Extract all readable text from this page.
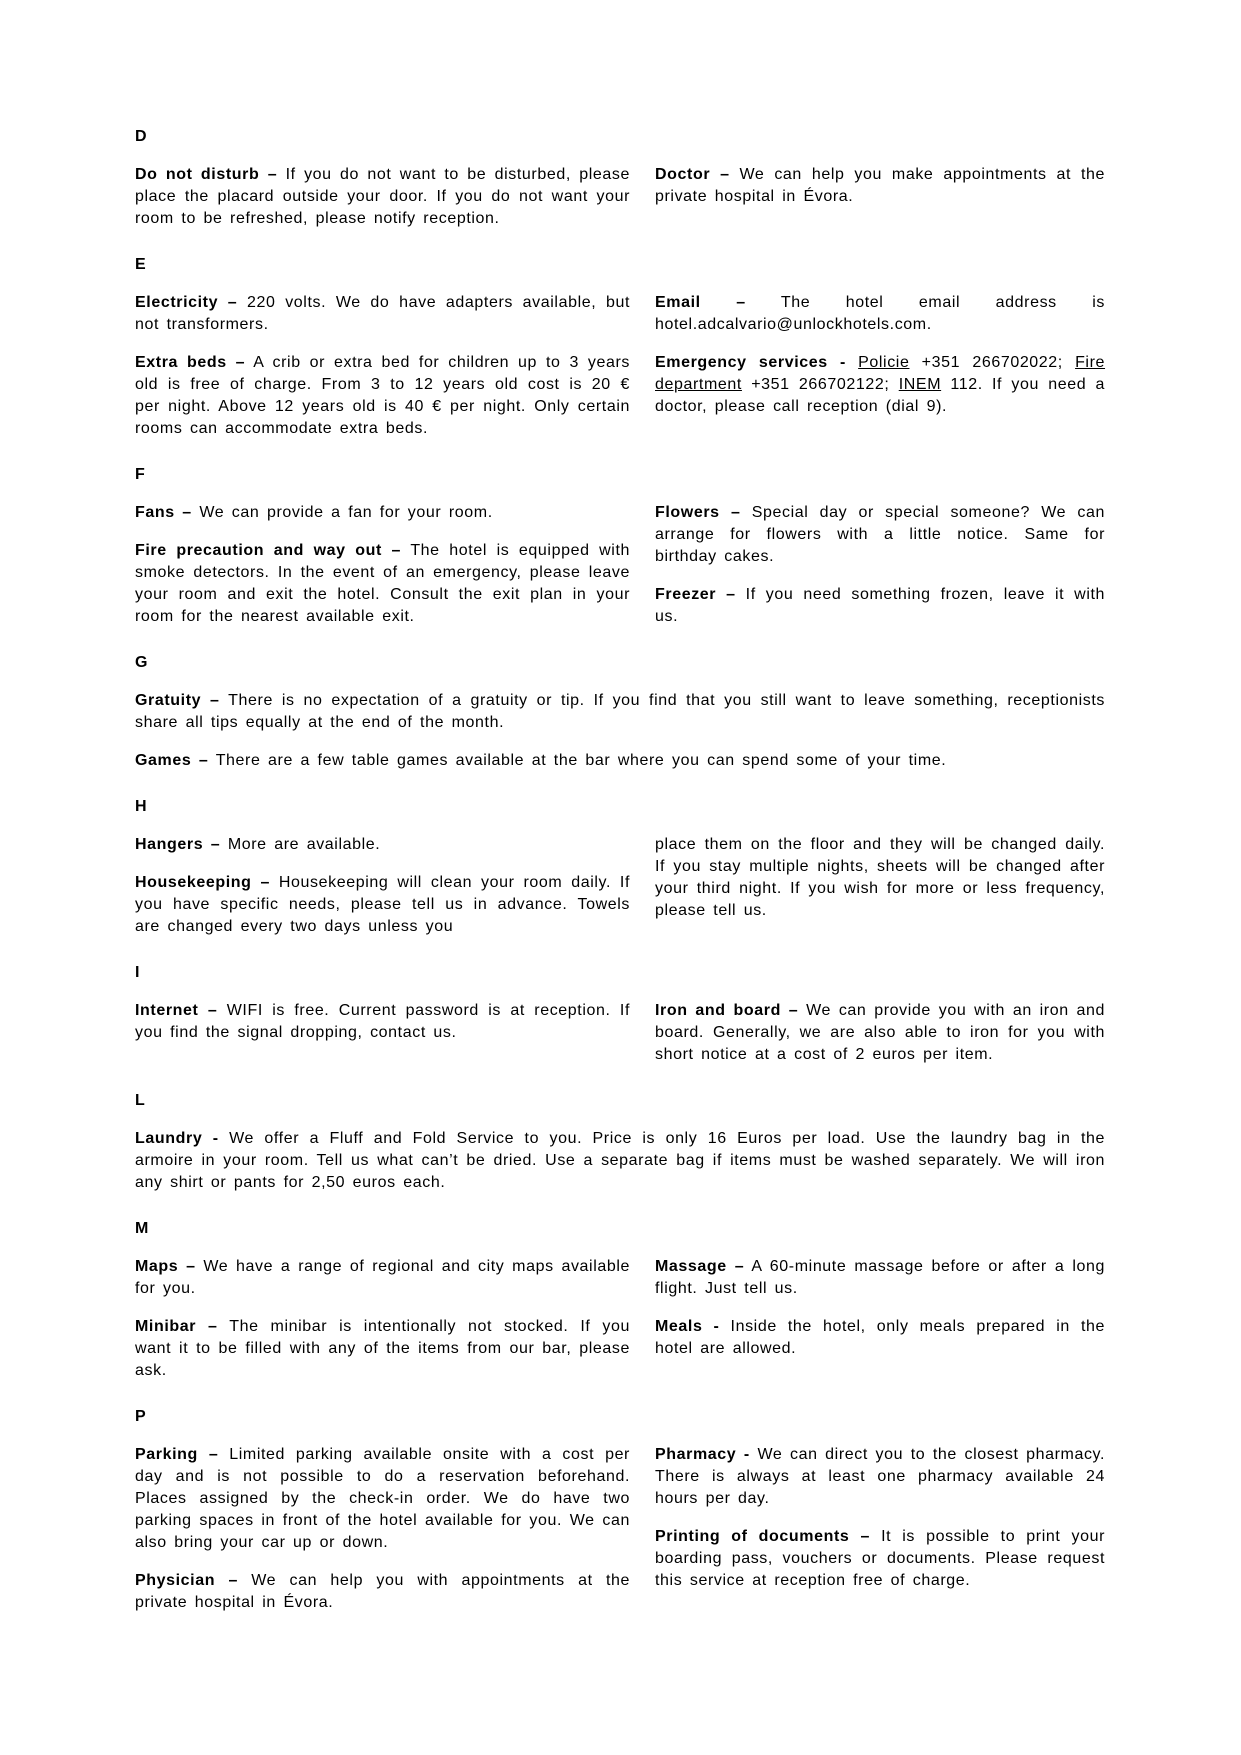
D

Do not disturb – If you do not want to be disturbed, please place the placard outside your door. If you do not want your room to be refreshed, please notify reception.

Doctor – We can help you make appointments at the private hospital in Évora.

E

Electricity – 220 volts. We do have adapters available, but not transformers.

Extra beds – A crib or extra bed for children up to 3 years old is free of charge. From 3 to 12 years old cost is 20 € per night. Above 12 years old is 40 € per night. Only certain rooms can accommodate extra beds.

Email – The hotel email address is hotel.adcalvario@unlockhotels.com.

Emergency services - Policie +351 266702022; Fire department +351 266702122; INEM 112. If you need a doctor, please call reception (dial 9).

F

Fans – We can provide a fan for your room.

Fire precaution and way out – The hotel is equipped with smoke detectors. In the event of an emergency, please leave your room and exit the hotel. Consult the exit plan in your room for the nearest available exit.

Flowers – Special day or special someone? We can arrange for flowers with a little notice. Same for birthday cakes.

Freezer – If you need something frozen, leave it with us.

G

Gratuity – There is no expectation of a gratuity or tip. If you find that you still want to leave something, receptionists share all tips equally at the end of the month.

Games – There are a few table games available at the bar where you can spend some of your time.

H

Hangers – More are available.

Housekeeping – Housekeeping will clean your room daily. If you have specific needs, please tell us in advance. Towels are changed every two days unless you

place them on the floor and they will be changed daily. If you stay multiple nights, sheets will be changed after your third night. If you wish for more or less frequency, please tell us.

I

Internet – WIFI is free. Current password is at reception. If you find the signal dropping, contact us.

Iron and board – We can provide you with an iron and board. Generally, we are also able to iron for you with short notice at a cost of 2 euros per item.

L

Laundry - We offer a Fluff and Fold Service to you. Price is only 16 Euros per load. Use the laundry bag in the armoire in your room. Tell us what can’t be dried. Use a separate bag if items must be washed separately. We will iron any shirt or pants for 2,50 euros each.

M

Maps – We have a range of regional and city maps available for you.

Minibar – The minibar is intentionally not stocked. If you want it to be filled with any of the items from our bar, please ask.

Massage – A 60-minute massage before or after a long flight. Just tell us.

Meals - Inside the hotel, only meals prepared in the hotel are allowed.

P

Parking – Limited parking available onsite with a cost per day and is not possible to do a reservation beforehand. Places assigned by the check-in order. We do have two parking spaces in front of the hotel available for you. We can also bring your car up or down.

Physician – We can help you with appointments at the private hospital in Évora.

Pharmacy - We can direct you to the closest pharmacy. There is always at least one pharmacy available 24 hours per day.

Printing of documents – It is possible to print your boarding pass, vouchers or documents. Please request this service at reception free of charge.
